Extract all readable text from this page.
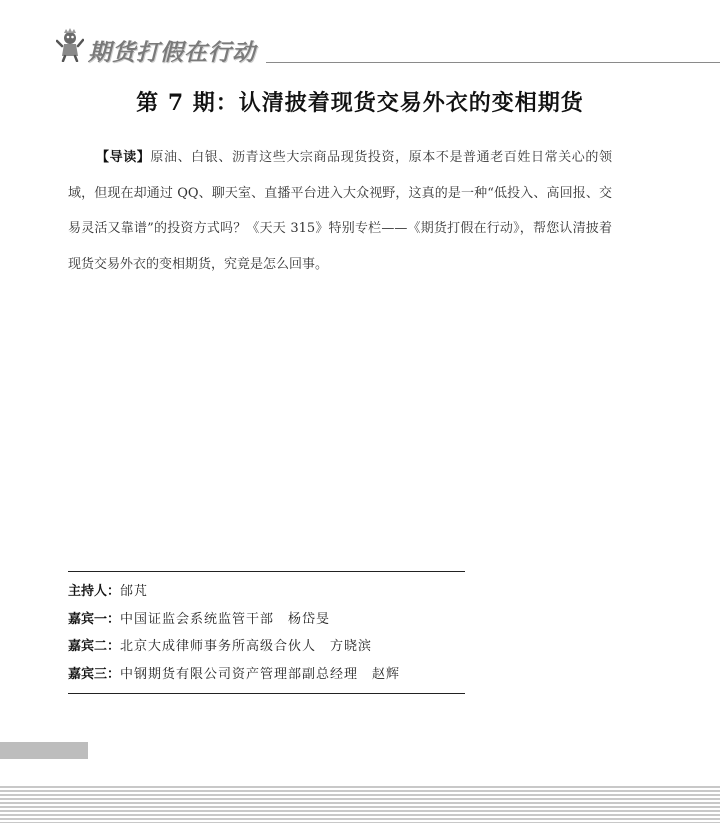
期货打假在行动
第 7 期：认清披着现货交易外衣的变相期货
【导读】原油、白银、沥青这些大宗商品现货投资，原本不是普通老百姓日常关心的领域，但现在却通过 QQ、聊天室、直播平台进入大众视野，这真的是一种“低投入、高回报、交易灵活又靠谱”的投资方式吗？《天天 315》特别专栏——《期货打假在行动》，帮您认清披着现货交易外衣的变相期货，究竟是怎么回事。
主持人：邰芃
嘉宾一：中国证监会系统监管干部　杨岱旻
嘉宾二：北京大成律师事务所高级合伙人　方晓滨
嘉宾三：中钢期货有限公司资产管理部副总经理　赵辉
